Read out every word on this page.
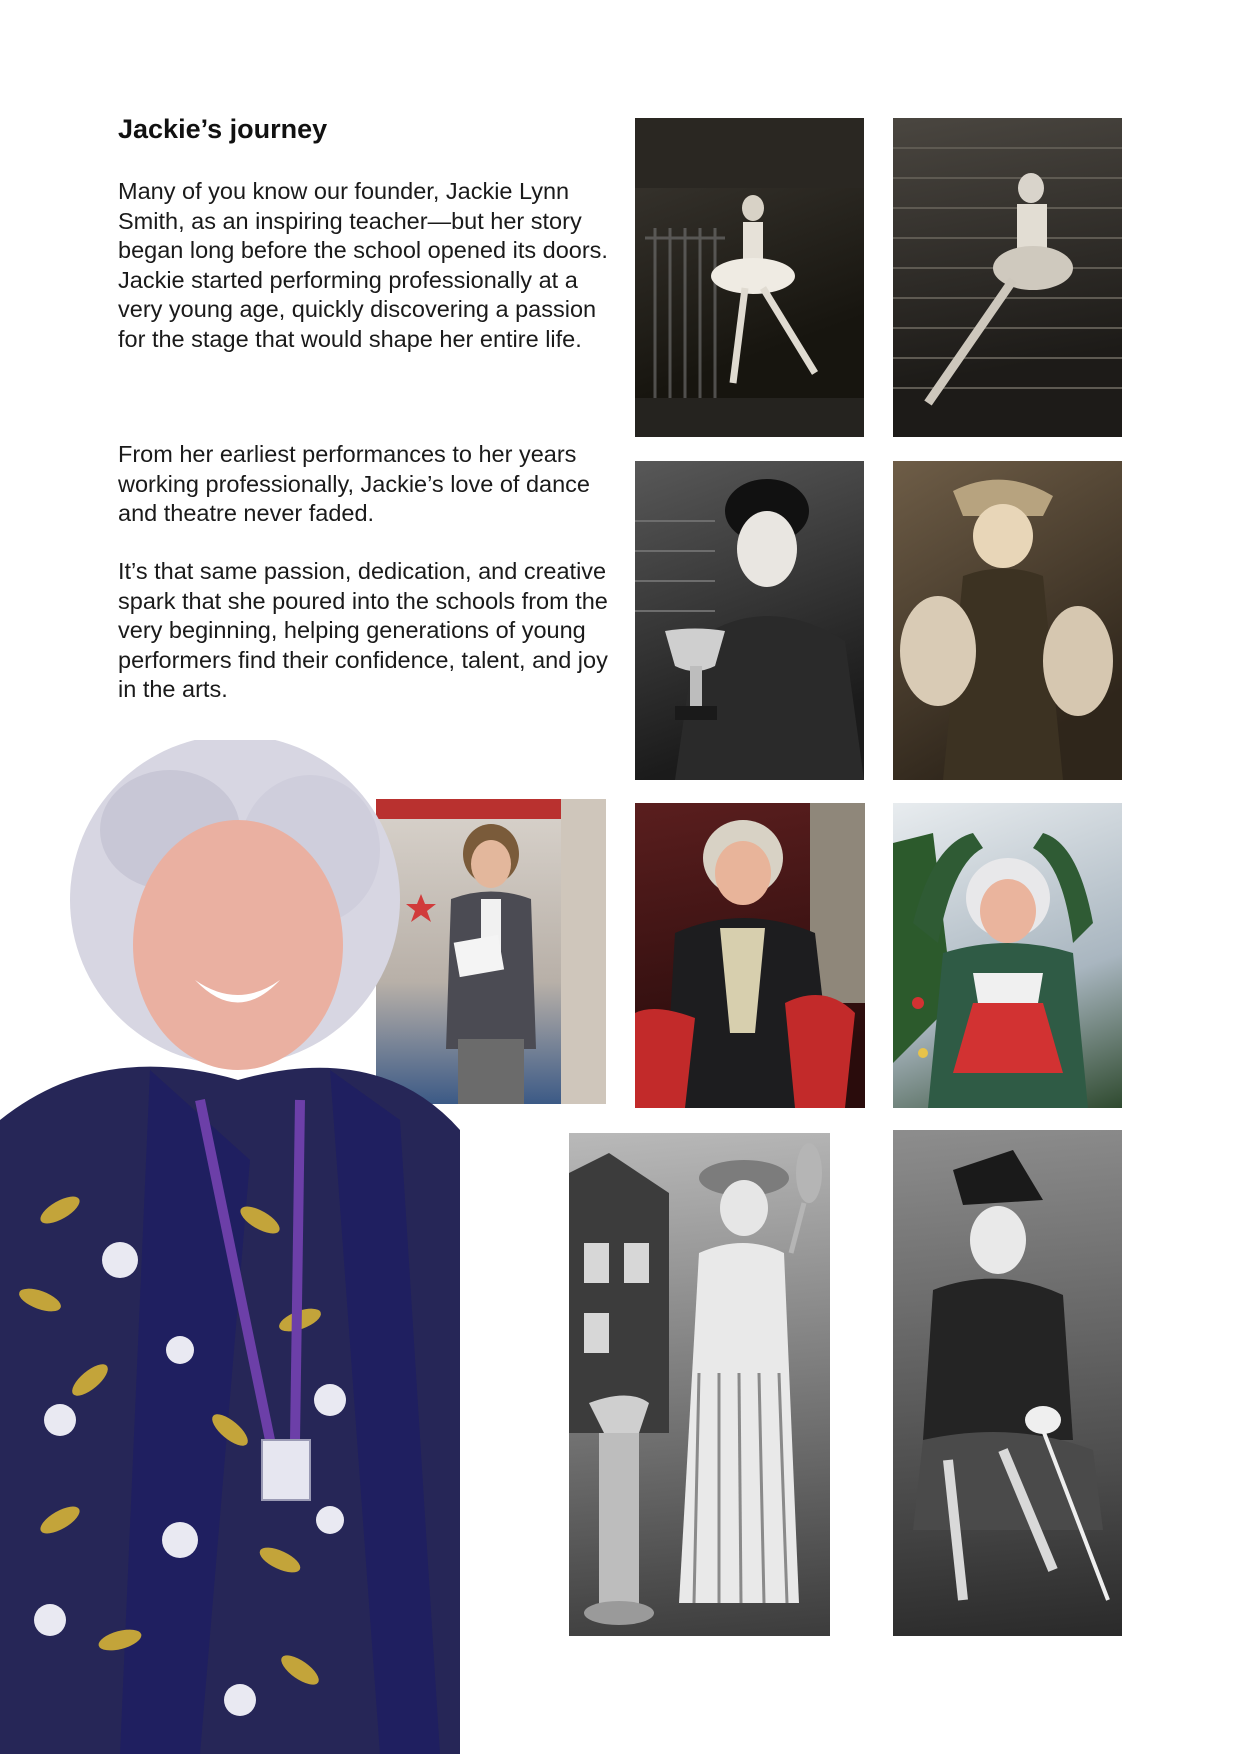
Jackie’s journey

Many of you know our founder, Jackie Lynn Smith, as an inspiring teacher—but her story began long before the school opened its doors. Jackie started performing professionally at a very young age, quickly discovering a passion for the stage that would shape her entire life.

From her earliest performances to her years working professionally, Jackie’s love of dance and theatre never faded.

It’s that same passion, dedication, and creative spark that she poured into the schools from the very beginning, helping generations of young performers find their confidence, talent, and joy in the arts.
